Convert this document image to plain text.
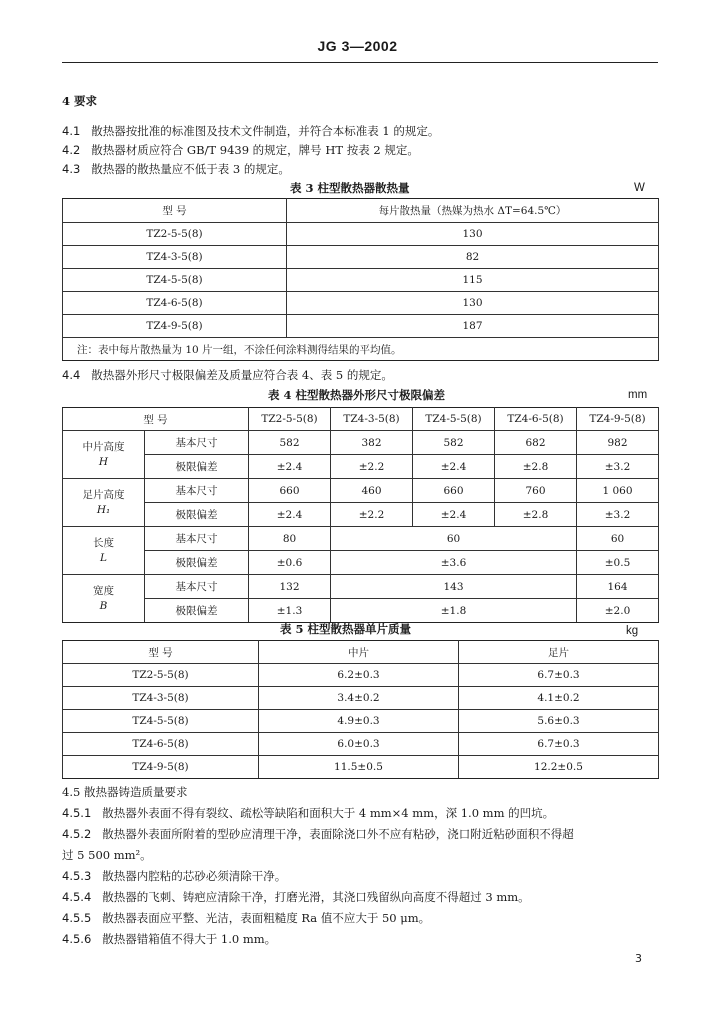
JG 3—2002
4 要求
4.1 散热器按批准的标准图及技术文件制造，并符合本标准表 1 的规定。
4.2 散热器材质应符合 GB/T 9439 的规定，牌号 HT 按表 2 规定。
4.3 散热器的散热量应不低于表 3 的规定。
表 3 柱型散热器散热量	W
型 号	每片散热量（热媒为热水 ΔT=64.5℃）
TZ2-5-5(8)	130
TZ4-3-5(8)	82
TZ4-5-5(8)	115
TZ4-6-5(8)	130
TZ4-9-5(8)	187
注：表中每片散热量为 10 片一组，不涂任何涂料测得结果的平均值。	
4.4 散热器外形尺寸极限偏差及质量应符合表 4、表 5 的规定。
表 4 柱型散热器外形尺寸极限偏差	mm
型 号		TZ2-5-5(8)	TZ4-3-5(8)	TZ4-5-5(8)	TZ4-6-5(8)	TZ4-9-5(8)
中片高度
H	基本尺寸	582	382	582	682	982
	极限偏差	±2.4	±2.2	±2.4	±2.8	±3.2
足片高度
H₁	基本尺寸	660	460	660	760	1 060
	极限偏差	±2.4	±2.2	±2.4	±2.8	±3.2
长度
L	基本尺寸	80	60			60
	极限偏差	±0.6	±3.6			±0.5
宽度
B	基本尺寸	132	143			164
	极限偏差	±1.3	±1.8			±2.0
表 5 柱型散热器单片质量	kg
型 号	中片	足片
TZ2-5-5(8)	6.2±0.3	6.7±0.3
TZ4-3-5(8)	3.4±0.2	4.1±0.2
TZ4-5-5(8)	4.9±0.3	5.6±0.3
TZ4-6-5(8)	6.0±0.3	6.7±0.3
TZ4-9-5(8)	11.5±0.5	12.2±0.5
4.5 散热器铸造质量要求
4.5.1 散热器外表面不得有裂纹、疏松等缺陷和面积大于 4 mm×4 mm，深 1.0 mm 的凹坑。
4.5.2 散热器外表面所附着的型砂应清理干净，表面除浇口外不应有粘砂，浇口附近粘砂面积不得超
过 5 500 mm²。
4.5.3 散热器内腔粘的芯砂必须清除干净。
4.5.4 散热器的飞刺、铸疤应清除干净，打磨光滑，其浇口残留纵向高度不得超过 3 mm。
4.5.5 散热器表面应平整、光洁，表面粗糙度 Ra 值不应大于 50 μm。
4.5.6 散热器错箱值不得大于 1.0 mm。
3
